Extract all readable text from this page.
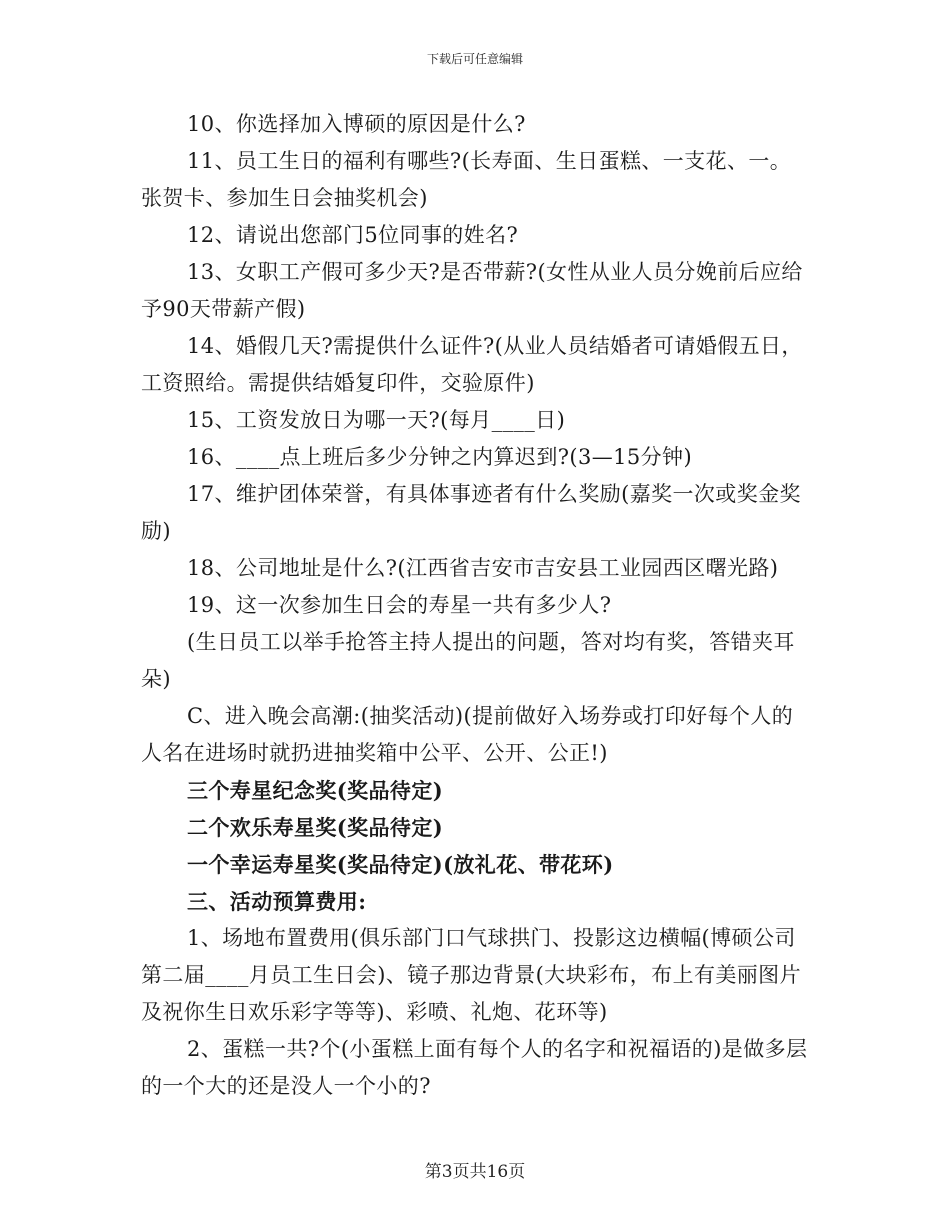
下载后可任意编辑

10、你选择加入博硕的原因是什么?

11、员工生日的福利有哪些?(长寿面、生日蛋糕、一支花、一。张贺卡、参加生日会抽奖机会)

12、请说出您部门5位同事的姓名?

13、女职工产假可多少天?是否带薪?(女性从业人员分娩前后应给予90天带薪产假)

14、婚假几天?需提供什么证件?(从业人员结婚者可请婚假五日，工资照给。需提供结婚复印件，交验原件)

15、工资发放日为哪一天?(每月____日)

16、____点上班后多少分钟之内算迟到?(3—15分钟)

17、维护团体荣誉，有具体事迹者有什么奖励(嘉奖一次或奖金奖励)

18、公司地址是什么?(江西省吉安市吉安县工业园西区曙光路)

19、这一次参加生日会的寿星一共有多少人?

(生日员工以举手抢答主持人提出的问题，答对均有奖，答错夹耳朵)

C、进入晚会高潮:(抽奖活动)(提前做好入场券或打印好每个人的人名在进场时就扔进抽奖箱中公平、公开、公正!)

三个寿星纪念奖(奖品待定)

二个欢乐寿星奖(奖品待定)

一个幸运寿星奖(奖品待定)(放礼花、带花环)

三、活动预算费用:

1、场地布置费用(俱乐部门口气球拱门、投影这边横幅(博硕公司第二届____月员工生日会)、镜子那边背景(大块彩布，布上有美丽图片及祝你生日欢乐彩字等等)、彩喷、礼炮、花环等)

2、蛋糕一共?个(小蛋糕上面有每个人的名字和祝福语的)是做多层的一个大的还是没人一个小的?

第3页共16页
